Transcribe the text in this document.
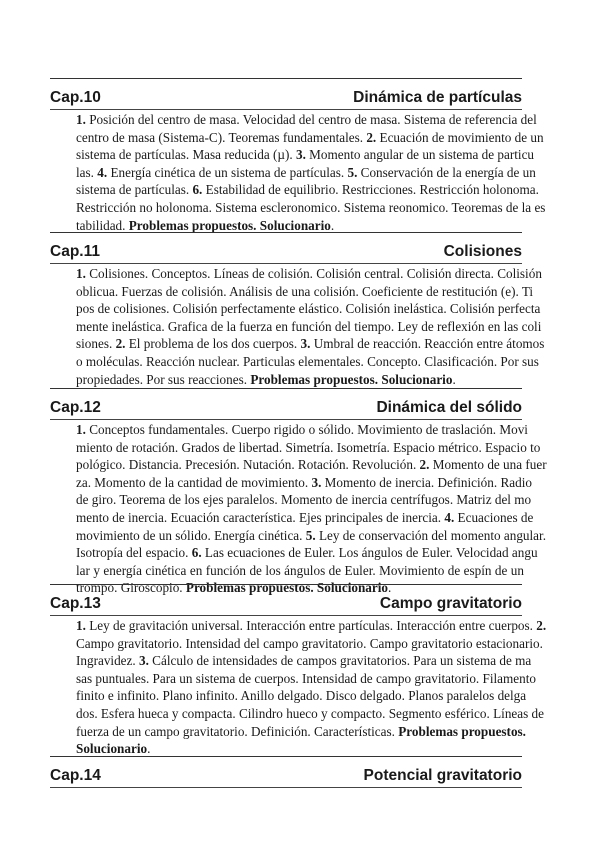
Cap.10	Dinámica de partículas
1. Posición del centro de masa. Velocidad del centro de masa. Sistema de referencia del
centro de masa (Sistema-C). Teoremas fundamentales. 2. Ecuación de movimiento de un
sistema de partículas. Masa reducida (µ). 3. Momento angular de un sistema de particu
las. 4. Energía cinética de un sistema de partículas. 5. Conservación de la energía de un
sistema de partículas. 6. Estabilidad de equilibrio. Restricciones. Restricción holonoma.
Restricción no holonoma. Sistema escleronomico. Sistema reonomico. Teoremas de la es
tabilidad. Problemas propuestos. Solucionario.
Cap.11	Colisiones
1. Colisiones. Conceptos. Líneas de colisión. Colisión central. Colisión directa. Colisión
oblicua. Fuerzas de colisión. Análisis de una colisión. Coeficiente de restitución (e). Ti
pos de colisiones. Colisión perfectamente elástico. Colisión inelástica. Colisión perfecta
mente inelástica. Grafica de la fuerza en función del tiempo. Ley de reflexión en las coli
siones. 2. El problema de los dos cuerpos. 3. Umbral de reacción. Reacción entre átomos
o moléculas. Reacción nuclear. Particulas elementales. Concepto. Clasificación. Por sus
propiedades. Por sus reacciones. Problemas propuestos. Solucionario.
Cap.12	Dinámica del sólido
1. Conceptos fundamentales. Cuerpo rigido o sólido. Movimiento de traslación. Movi
miento de rotación. Grados de libertad. Simetría. Isometría. Espacio métrico. Espacio to
pológico. Distancia. Precesión. Nutación. Rotación. Revolución. 2. Momento de una fuer
za. Momento de la cantidad de movimiento. 3. Momento de inercia. Definición. Radio
de giro. Teorema de los ejes paralelos. Momento de inercia centrífugos. Matriz del mo
mento de inercia. Ecuación característica. Ejes principales de inercia. 4. Ecuaciones de
movimiento de un sólido. Energía cinética. 5. Ley de conservación del momento angular.
Isotropía del espacio. 6. Las ecuaciones de Euler. Los ángulos de Euler. Velocidad angu
lar y energía cinética en función de los ángulos de Euler. Movimiento de espín de un
trompo. Giroscopio. Problemas propuestos. Solucionario.
Cap.13	Campo gravitatorio
1. Ley de gravitación universal. Interacción entre partículas. Interacción entre cuerpos. 2.
Campo gravitatorio. Intensidad del campo gravitatorio. Campo gravitatorio estacionario.
Ingravidez. 3. Cálculo de intensidades de campos gravitatorios. Para un sistema de ma
sas puntuales. Para un sistema de cuerpos. Intensidad de campo gravitatorio. Filamento
finito e infinito. Plano infinito. Anillo delgado. Disco delgado. Planos paralelos delga
dos. Esfera hueca y compacta. Cilindro hueco y compacto. Segmento esférico. Líneas de
fuerza de un campo gravitatorio. Definición. Características. Problemas propuestos.
Solucionario.
Cap.14	Potencial gravitatorio
